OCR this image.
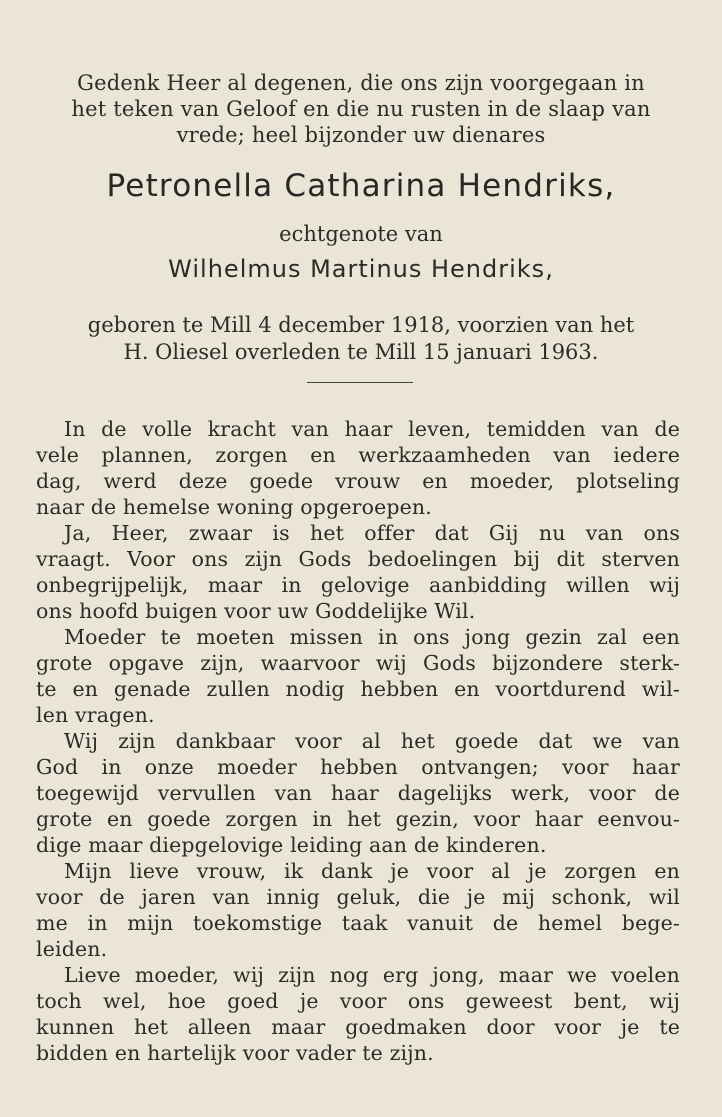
Gedenk Heer al degenen, die ons zijn voorgegaan in
het teken van Geloof en die nu rusten in de slaap van
vrede; heel bijzonder uw dienares
Petronella Catharina Hendriks,
echtgenote van
Wilhelmus Martinus Hendriks,
geboren te Mill 4 december 1918, voorzien van het
H. Oliesel overleden te Mill 15 januari 1963.

In de volle kracht van haar leven, temidden van de
vele plannen, zorgen en werkzaamheden van iedere
dag, werd deze goede vrouw en moeder, plotseling
naar de hemelse woning opgeroepen.

Ja, Heer, zwaar is het offer dat Gij nu van ons
vraagt. Voor ons zijn Gods bedoelingen bij dit sterven
onbegrijpelijk, maar in gelovige aanbidding willen wij
ons hoofd buigen voor uw Goddelijke Wil.

Moeder te moeten missen in ons jong gezin zal een
grote opgave zijn, waarvoor wij Gods bijzondere sterk-
te en genade zullen nodig hebben en voortdurend wil-
len vragen.

Wij zijn dankbaar voor al het goede dat we van
God in onze moeder hebben ontvangen; voor haar
toegewijd vervullen van haar dagelijks werk, voor de
grote en goede zorgen in het gezin, voor haar eenvou-
dige maar diepgelovige leiding aan de kinderen.

Mijn lieve vrouw, ik dank je voor al je zorgen en
voor de jaren van innig geluk, die je mij schonk, wil
me in mijn toekomstige taak vanuit de hemel bege-
leiden.

Lieve moeder, wij zijn nog erg jong, maar we voelen
toch wel, hoe goed je voor ons geweest bent, wij
kunnen het alleen maar goedmaken door voor je te
bidden en hartelijk voor vader te zijn.
